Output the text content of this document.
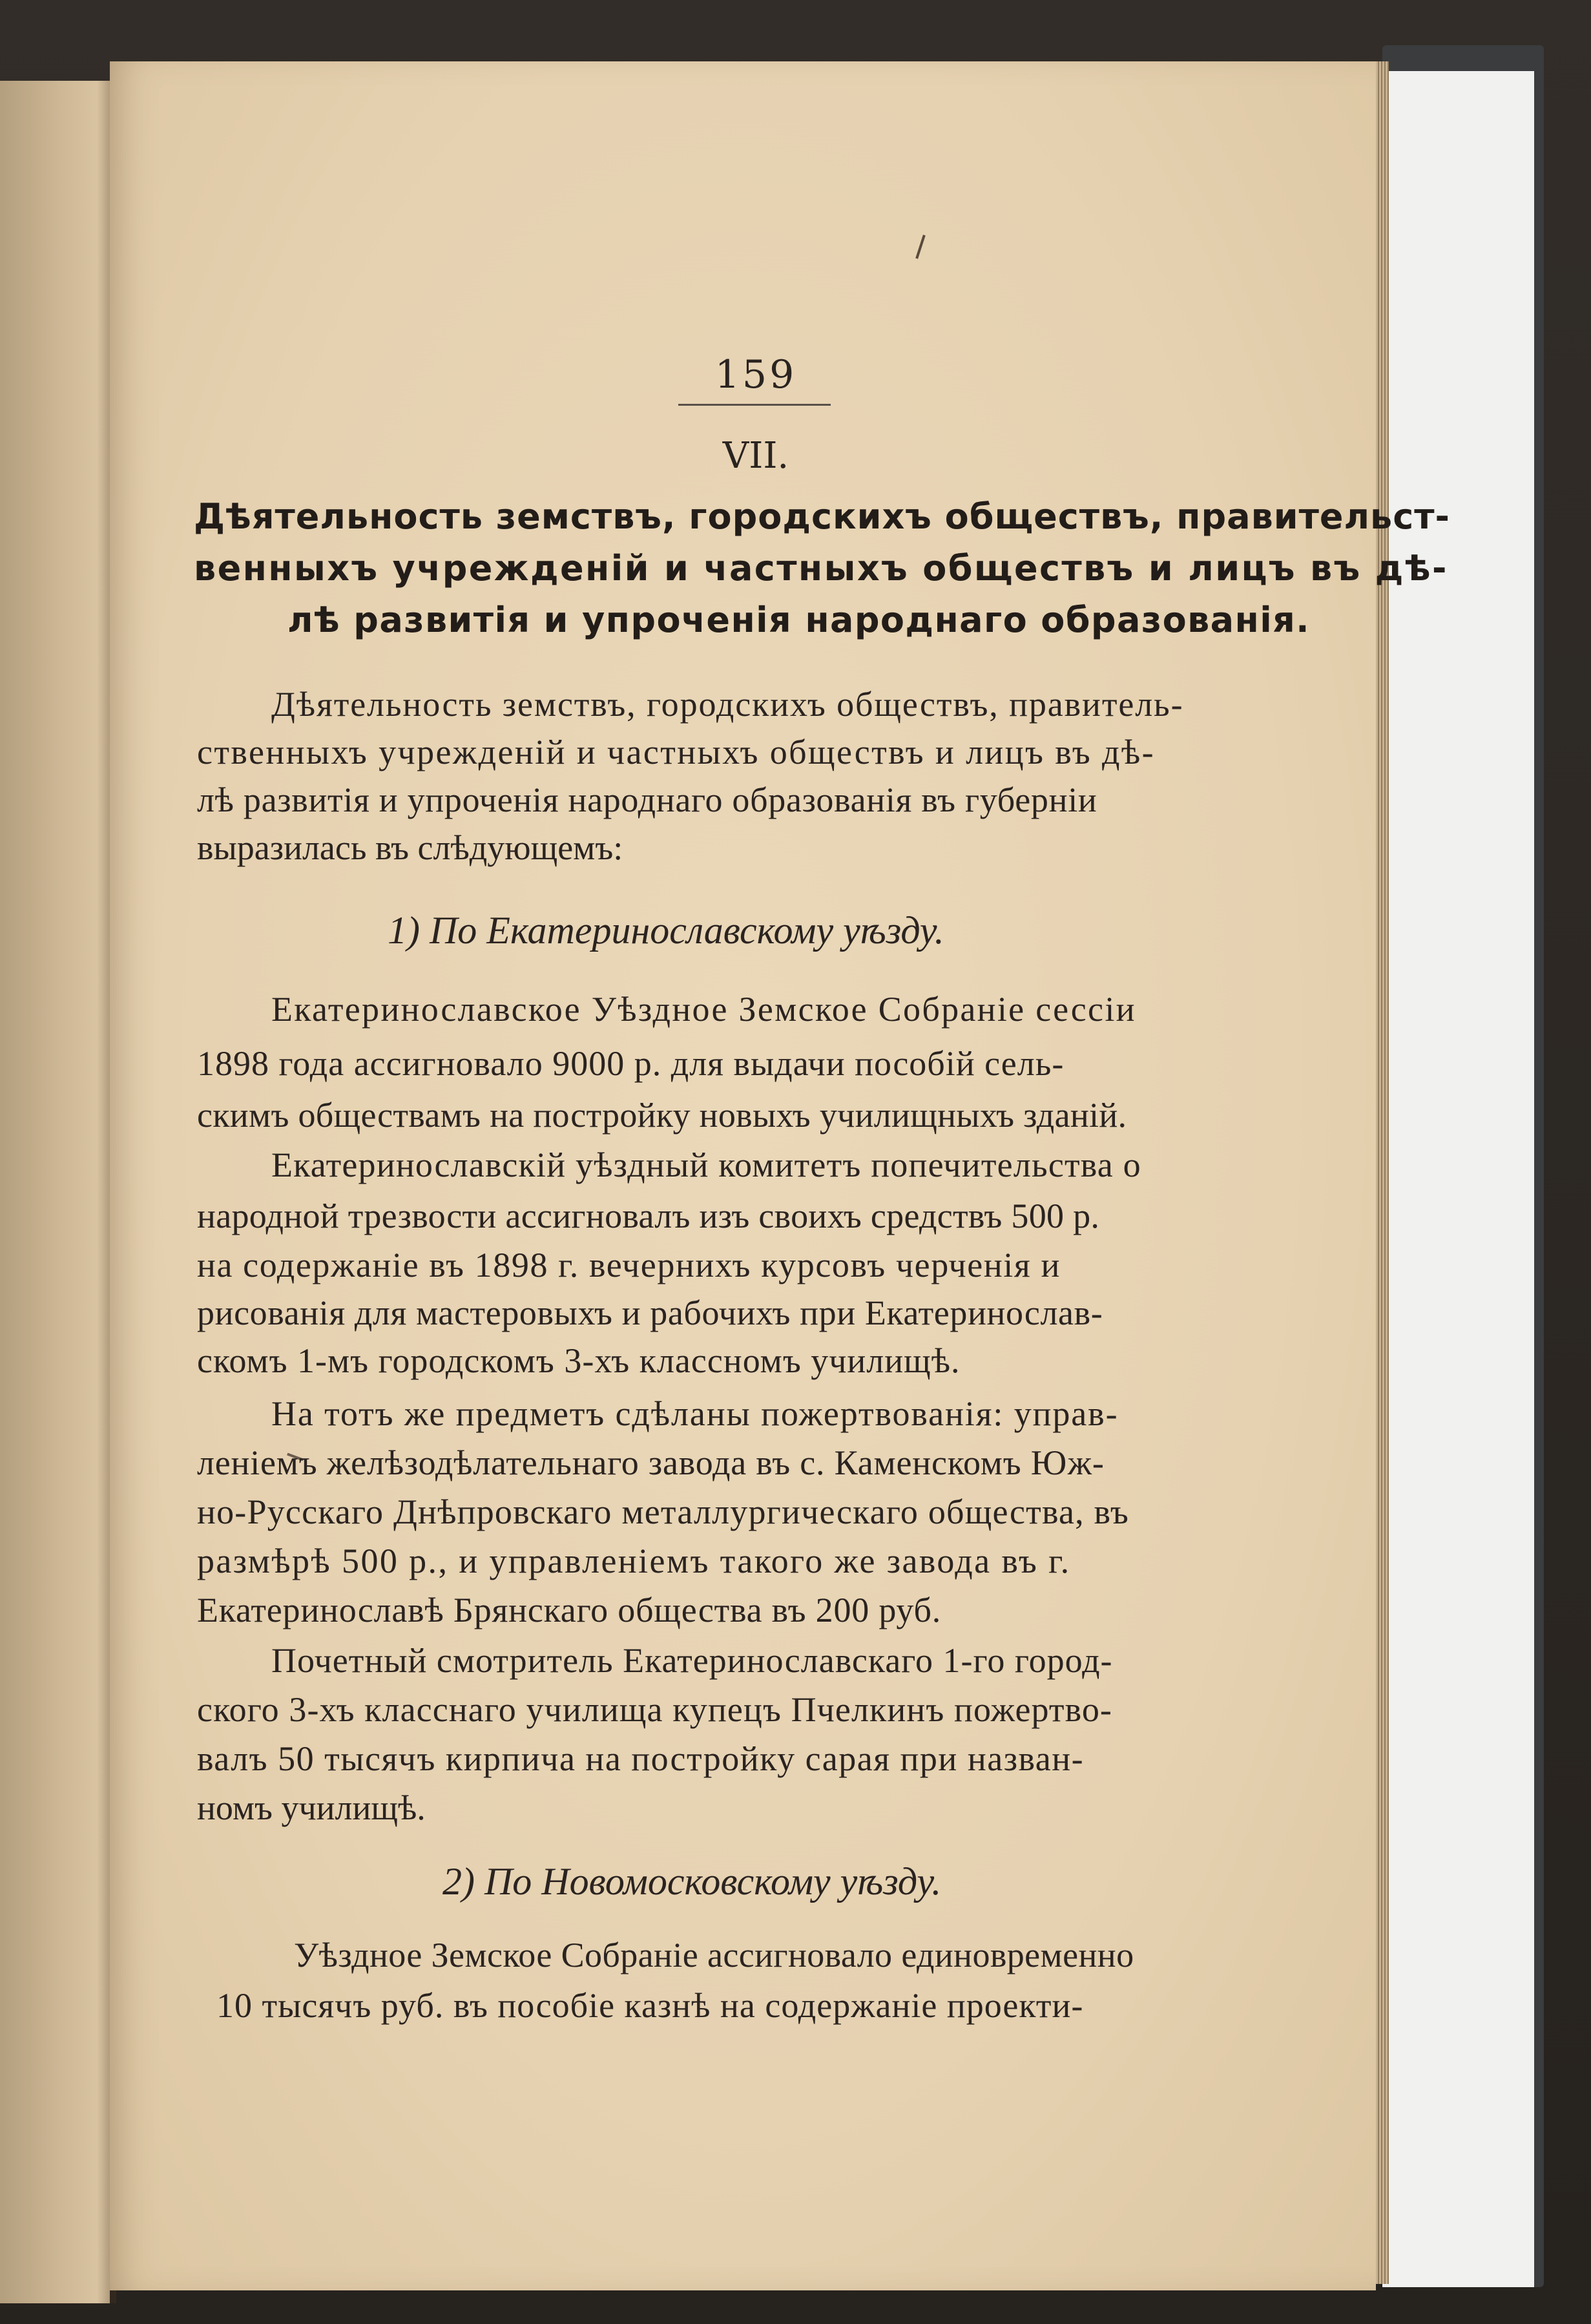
159
VII.
Дѣятельность земствъ, городскихъ обществъ, правительст-
венныхъ учрежденій и частныхъ обществъ и лицъ въ дѣ-
лѣ развитія и упроченія народнаго образованія.
Дѣятельность земствъ, городскихъ обществъ, правитель-
ственныхъ учрежденій и частныхъ обществъ и лицъ въ дѣ-
лѣ развитія и упроченія народнаго образованія въ губерніи
выразилась въ слѣдующемъ:
1) По Екатеринославскому уѣзду.
Екатеринославское Уѣздное Земское Собраніе сессіи
1898 года ассигновало 9000 р. для выдачи пособій сель-
скимъ обществамъ на постройку новыхъ училищныхъ зданій.
Екатеринославскій уѣздный комитетъ попечительства о
народной трезвости ассигновалъ изъ своихъ средствъ 500 р.
на содержаніе въ 1898 г. вечернихъ курсовъ черченія и
рисованія для мастеровыхъ и рабочихъ при Екатеринослав-
скомъ 1-мъ городскомъ 3-хъ классномъ училищѣ.
На тотъ же предметъ сдѣланы пожертвованія: управ-
леніемъ желѣзодѣлательнаго завода въ с. Каменскомъ Юж-
но-Русскаго Днѣпровскаго металлургическаго общества, въ
размѣрѣ 500 р., и управленіемъ такого же завода въ г.
Екатеринославѣ Брянскаго общества въ 200 руб.
Почетный смотритель Екатеринославскаго 1-го город-
ского 3-хъ класснаго училища купецъ Пчелкинъ пожертво-
валъ 50 тысячъ кирпича на постройку сарая при назван-
номъ училищѣ.
2) По Новомосковскому уѣзду.
Уѣздное Земское Собраніе ассигновало единовременно
10 тысячъ руб. въ пособіе казнѣ на содержаніе проекти-
